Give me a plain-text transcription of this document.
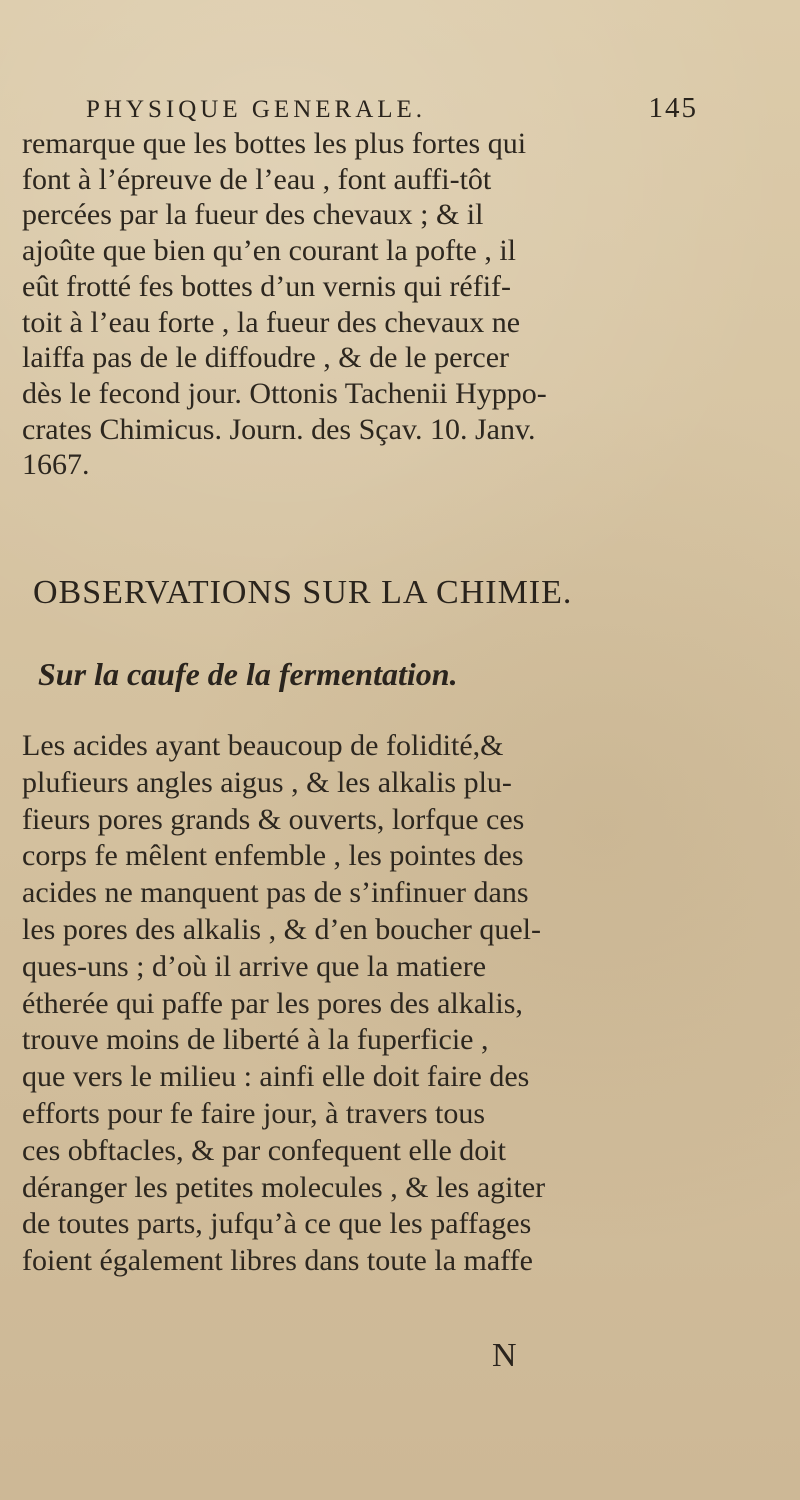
PHYSIQUE GENERALE.	145

remarque que les bottes les plus fortes qui
font à l’épreuve de l’eau , font auffi-tôt
percées par la fueur des chevaux ; & il
ajoûte que bien qu’en courant la pofte , il
eût frotté fes bottes d’un vernis qui réfif-
toit à l’eau forte , la fueur des chevaux ne
laiffa pas de le diffoudre , & de le percer
dès le fecond jour. Ottonis Tachenii Hyppo-
crates Chimicus. Journ. des Sçav. 10. Janv.
1667.

OBSERVATIONS SUR LA CHIMIE.
Sur la caufe de la fermentation.

Les acides ayant beaucoup de folidité,&
plufieurs angles aigus , & les alkalis plu-
fieurs pores grands & ouverts, lorfque ces
corps fe mêlent enfemble , les pointes des
acides ne manquent pas de s’infinuer dans
les pores des alkalis , & d’en boucher quel-
ques-uns ; d’où il arrive que la matiere
étherée qui paffe par les pores des alkalis,
trouve moins de liberté à la fuperficie ,
que vers le milieu : ainfi elle doit faire des
efforts pour fe faire jour, à travers tous
ces obftacles, & par confequent elle doit
déranger les petites molecules , & les agiter
de toutes parts, jufqu’à ce que les paffages
foient également libres dans toute la maffe

N
